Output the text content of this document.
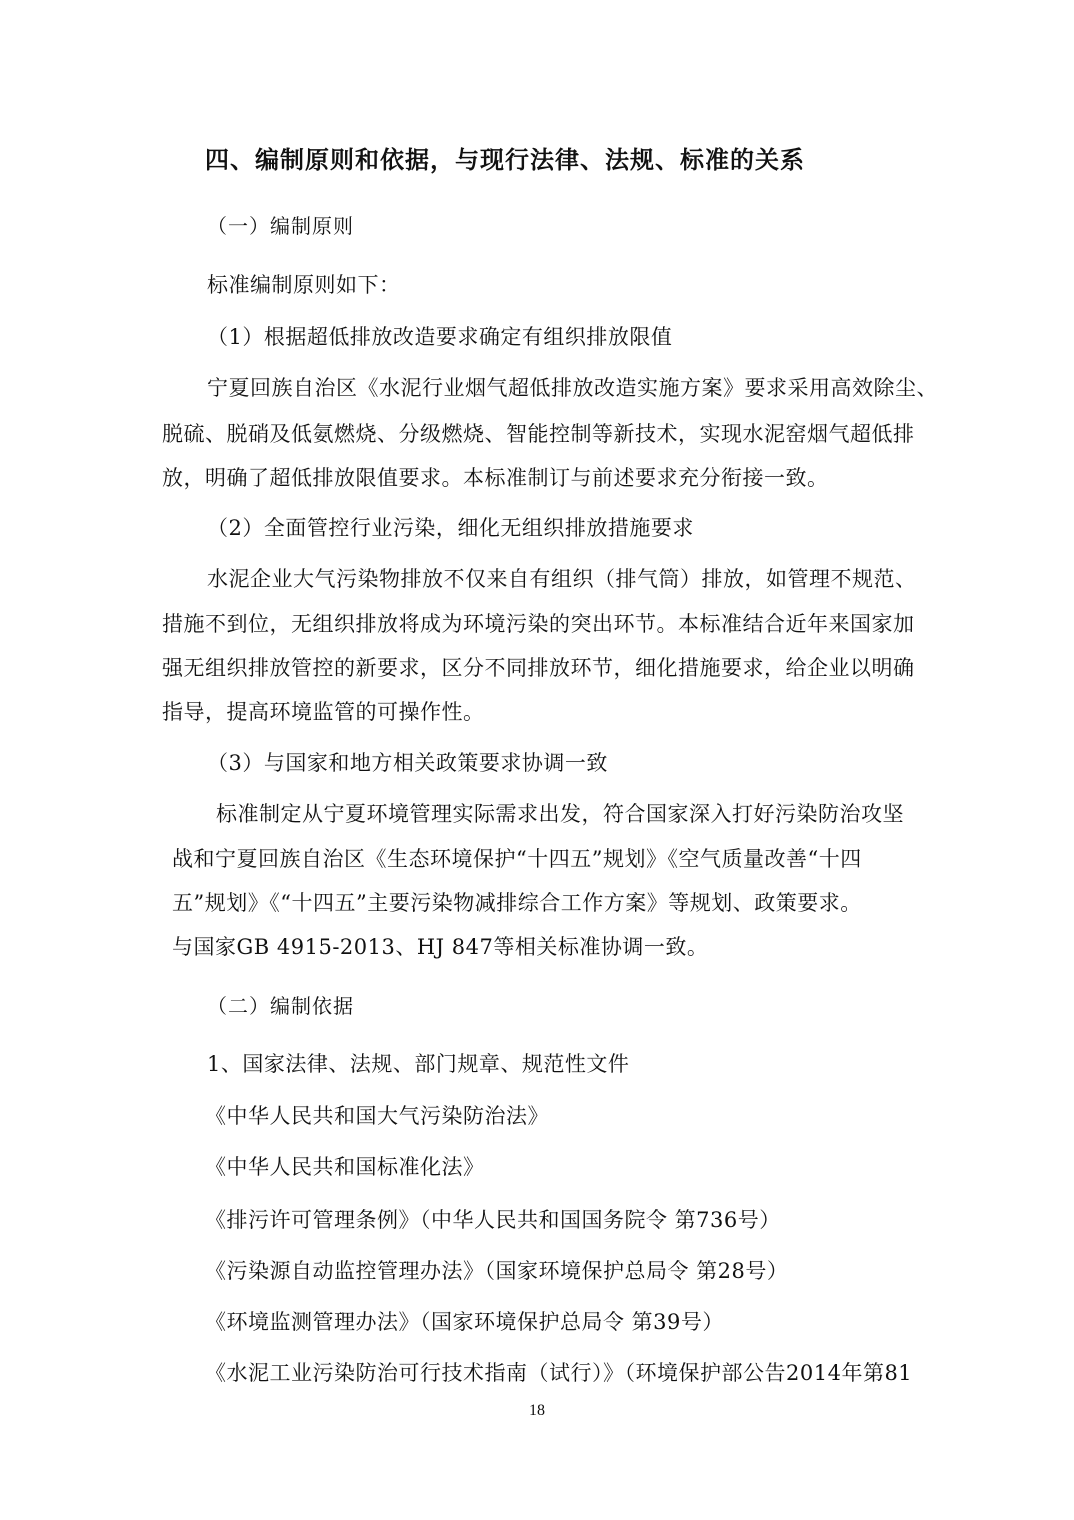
四、编制原则和依据，与现行法律、法规、标准的关系
（一）编制原则
标准编制原则如下：
（1）根据超低排放改造要求确定有组织排放限值
宁夏回族自治区《水泥行业烟气超低排放改造实施方案》要求采用高效除尘、
脱硫、脱硝及低氨燃烧、分级燃烧、智能控制等新技术，实现水泥窑烟气超低排
放，明确了超低排放限值要求。本标准制订与前述要求充分衔接一致。
（2）全面管控行业污染，细化无组织排放措施要求
水泥企业大气污染物排放不仅来自有组织（排气筒）排放，如管理不规范、
措施不到位，无组织排放将成为环境污染的突出环节。本标准结合近年来国家加
强无组织排放管控的新要求，区分不同排放环节，细化措施要求，给企业以明确
指导，提高环境监管的可操作性。
（3）与国家和地方相关政策要求协调一致
标准制定从宁夏环境管理实际需求出发，符合国家深入打好污染防治攻坚
战和宁夏回族自治区《生态环境保护“十四五”规划》《空气质量改善“十四
五”规划》《“十四五”主要污染物减排综合工作方案》等规划、政策要求。
与国家GB 4915-2013、HJ 847等相关标准协调一致。
（二）编制依据
1、国家法律、法规、部门规章、规范性文件
《中华人民共和国大气污染防治法》
《中华人民共和国标准化法》
《排污许可管理条例》（中华人民共和国国务院令 第736号）
《污染源自动监控管理办法》（国家环境保护总局令 第28号）
《环境监测管理办法》（国家环境保护总局令 第39号）
《水泥工业污染防治可行技术指南（试行）》（环境保护部公告2014年第81
18
